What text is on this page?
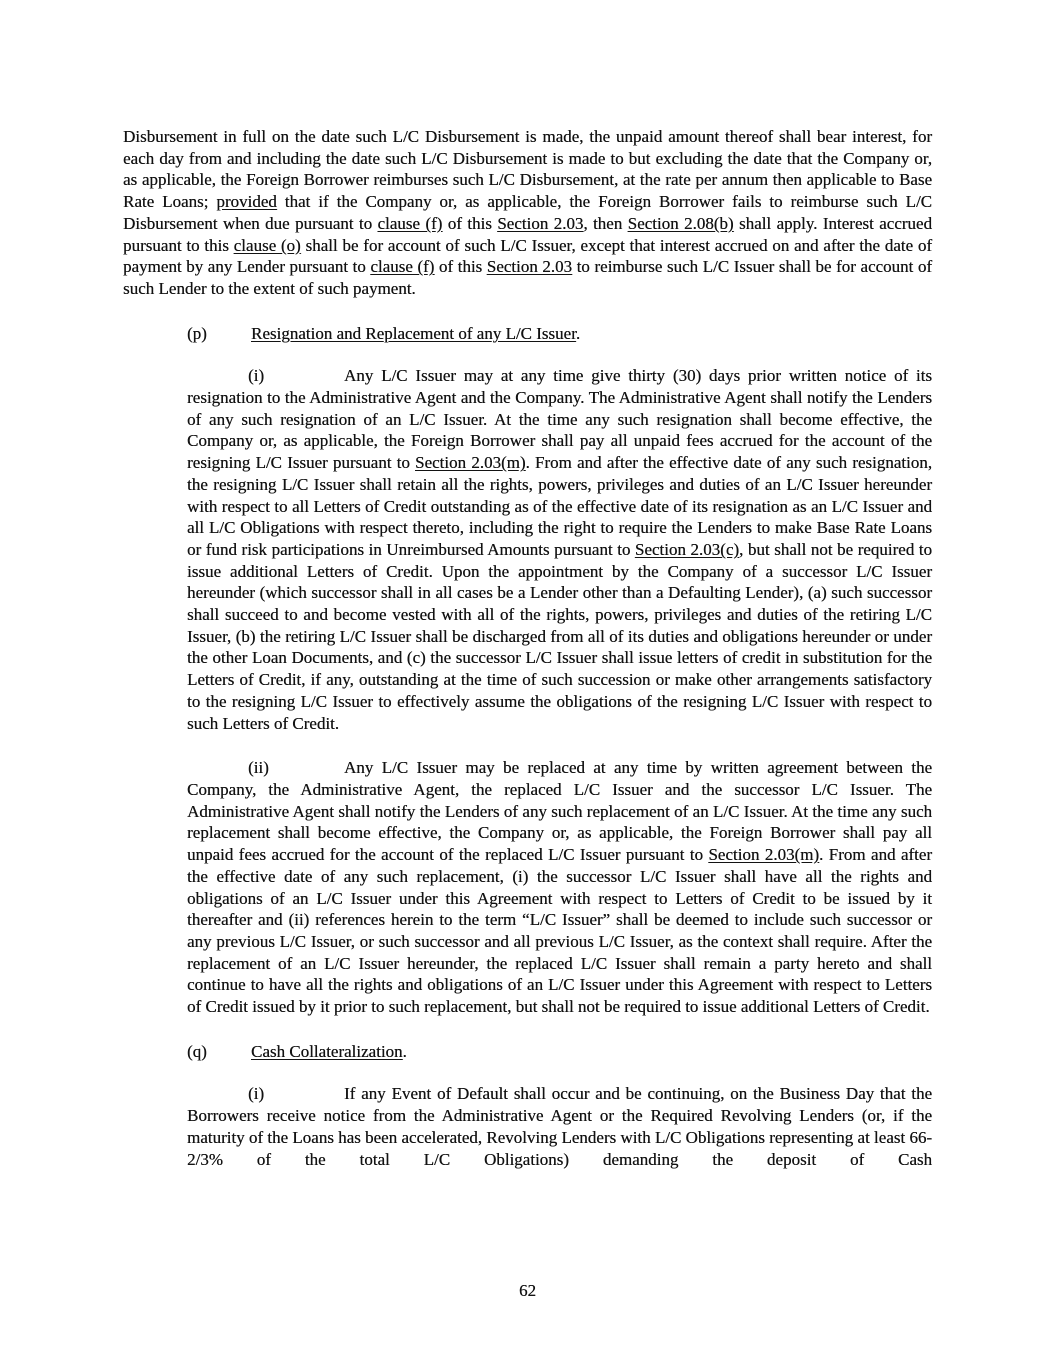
Disbursement in full on the date such L/C Disbursement is made, the unpaid amount thereof shall bear interest, for each day from and including the date such L/C Disbursement is made to but excluding the date that the Company or, as applicable, the Foreign Borrower reimburses such L/C Disbursement, at the rate per annum then applicable to Base Rate Loans; provided that if the Company or, as applicable, the Foreign Borrower fails to reimburse such L/C Disbursement when due pursuant to clause (f) of this Section 2.03, then Section 2.08(b) shall apply. Interest accrued pursuant to this clause (o) shall be for account of such L/C Issuer, except that interest accrued on and after the date of payment by any Lender pursuant to clause (f) of this Section 2.03 to reimburse such L/C Issuer shall be for account of such Lender to the extent of such payment.

(p)	Resignation and Replacement of any L/C Issuer.

(i)	Any L/C Issuer may at any time give thirty (30) days prior written notice of its resignation to the Administrative Agent and the Company. The Administrative Agent shall notify the Lenders of any such resignation of an L/C Issuer. At the time any such resignation shall become effective, the Company or, as applicable, the Foreign Borrower shall pay all unpaid fees accrued for the account of the resigning L/C Issuer pursuant to Section 2.03(m). From and after the effective date of any such resignation, the resigning L/C Issuer shall retain all the rights, powers, privileges and duties of an L/C Issuer hereunder with respect to all Letters of Credit outstanding as of the effective date of its resignation as an L/C Issuer and all L/C Obligations with respect thereto, including the right to require the Lenders to make Base Rate Loans or fund risk participations in Unreimbursed Amounts pursuant to Section 2.03(c), but shall not be required to issue additional Letters of Credit. Upon the appointment by the Company of a successor L/C Issuer hereunder (which successor shall in all cases be a Lender other than a Defaulting Lender), (a) such successor shall succeed to and become vested with all of the rights, powers, privileges and duties of the retiring L/C Issuer, (b) the retiring L/C Issuer shall be discharged from all of its duties and obligations hereunder or under the other Loan Documents, and (c) the successor L/C Issuer shall issue letters of credit in substitution for the Letters of Credit, if any, outstanding at the time of such succession or make other arrangements satisfactory to the resigning L/C Issuer to effectively assume the obligations of the resigning L/C Issuer with respect to such Letters of Credit.

(ii)	Any L/C Issuer may be replaced at any time by written agreement between the Company, the Administrative Agent, the replaced L/C Issuer and the successor L/C Issuer. The Administrative Agent shall notify the Lenders of any such replacement of an L/C Issuer. At the time any such replacement shall become effective, the Company or, as applicable, the Foreign Borrower shall pay all unpaid fees accrued for the account of the replaced L/C Issuer pursuant to Section 2.03(m). From and after the effective date of any such replacement, (i) the successor L/C Issuer shall have all the rights and obligations of an L/C Issuer under this Agreement with respect to Letters of Credit to be issued by it thereafter and (ii) references herein to the term “L/C Issuer” shall be deemed to include such successor or any previous L/C Issuer, or such successor and all previous L/C Issuer, as the context shall require. After the replacement of an L/C Issuer hereunder, the replaced L/C Issuer shall remain a party hereto and shall continue to have all the rights and obligations of an L/C Issuer under this Agreement with respect to Letters of Credit issued by it prior to such replacement, but shall not be required to issue additional Letters of Credit.

(q)	Cash Collateralization.

(i)	If any Event of Default shall occur and be continuing, on the Business Day that the Borrowers receive notice from the Administrative Agent or the Required Revolving Lenders (or, if the maturity of the Loans has been accelerated, Revolving Lenders with L/C Obligations representing at least 66-2/3% of the total L/C Obligations) demanding the deposit of Cash

62
